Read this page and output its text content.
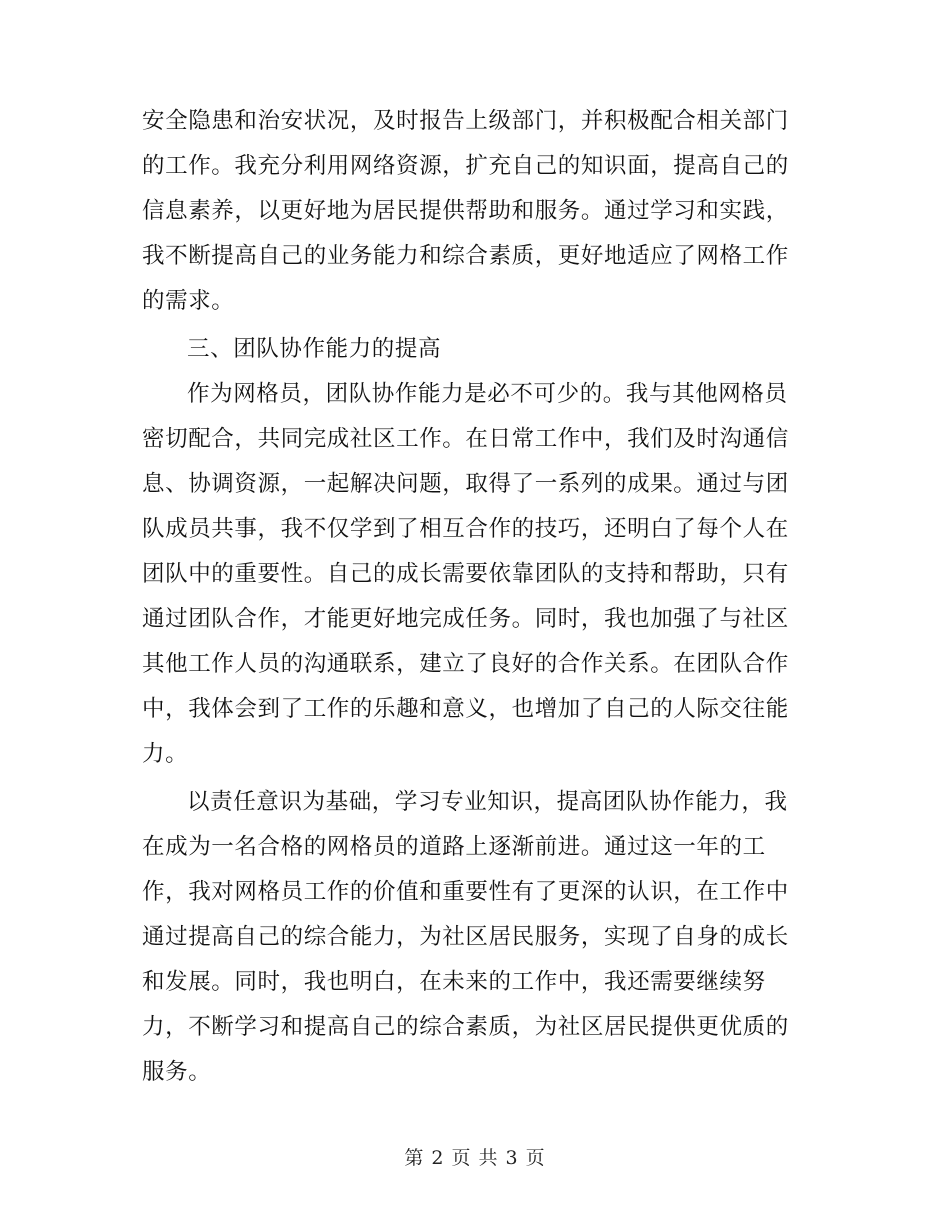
安全隐患和治安状况，及时报告上级部门，并积极配合相关部门
的工作。我充分利用网络资源，扩充自己的知识面，提高自己的
信息素养，以更好地为居民提供帮助和服务。通过学习和实践，
我不断提高自己的业务能力和综合素质，更好地适应了网格工作
的需求。
三、团队协作能力的提高
作为网格员，团队协作能力是必不可少的。我与其他网格员
密切配合，共同完成社区工作。在日常工作中，我们及时沟通信
息、协调资源，一起解决问题，取得了一系列的成果。通过与团
队成员共事，我不仅学到了相互合作的技巧，还明白了每个人在
团队中的重要性。自己的成长需要依靠团队的支持和帮助，只有
通过团队合作，才能更好地完成任务。同时，我也加强了与社区
其他工作人员的沟通联系，建立了良好的合作关系。在团队合作
中，我体会到了工作的乐趣和意义，也增加了自己的人际交往能
力。
以责任意识为基础，学习专业知识，提高团队协作能力，我
在成为一名合格的网格员的道路上逐渐前进。通过这一年的工
作，我对网格员工作的价值和重要性有了更深的认识，在工作中
通过提高自己的综合能力，为社区居民服务，实现了自身的成长
和发展。同时，我也明白，在未来的工作中，我还需要继续努
力，不断学习和提高自己的综合素质，为社区居民提供更优质的
服务。
第 2 页 共 3 页
